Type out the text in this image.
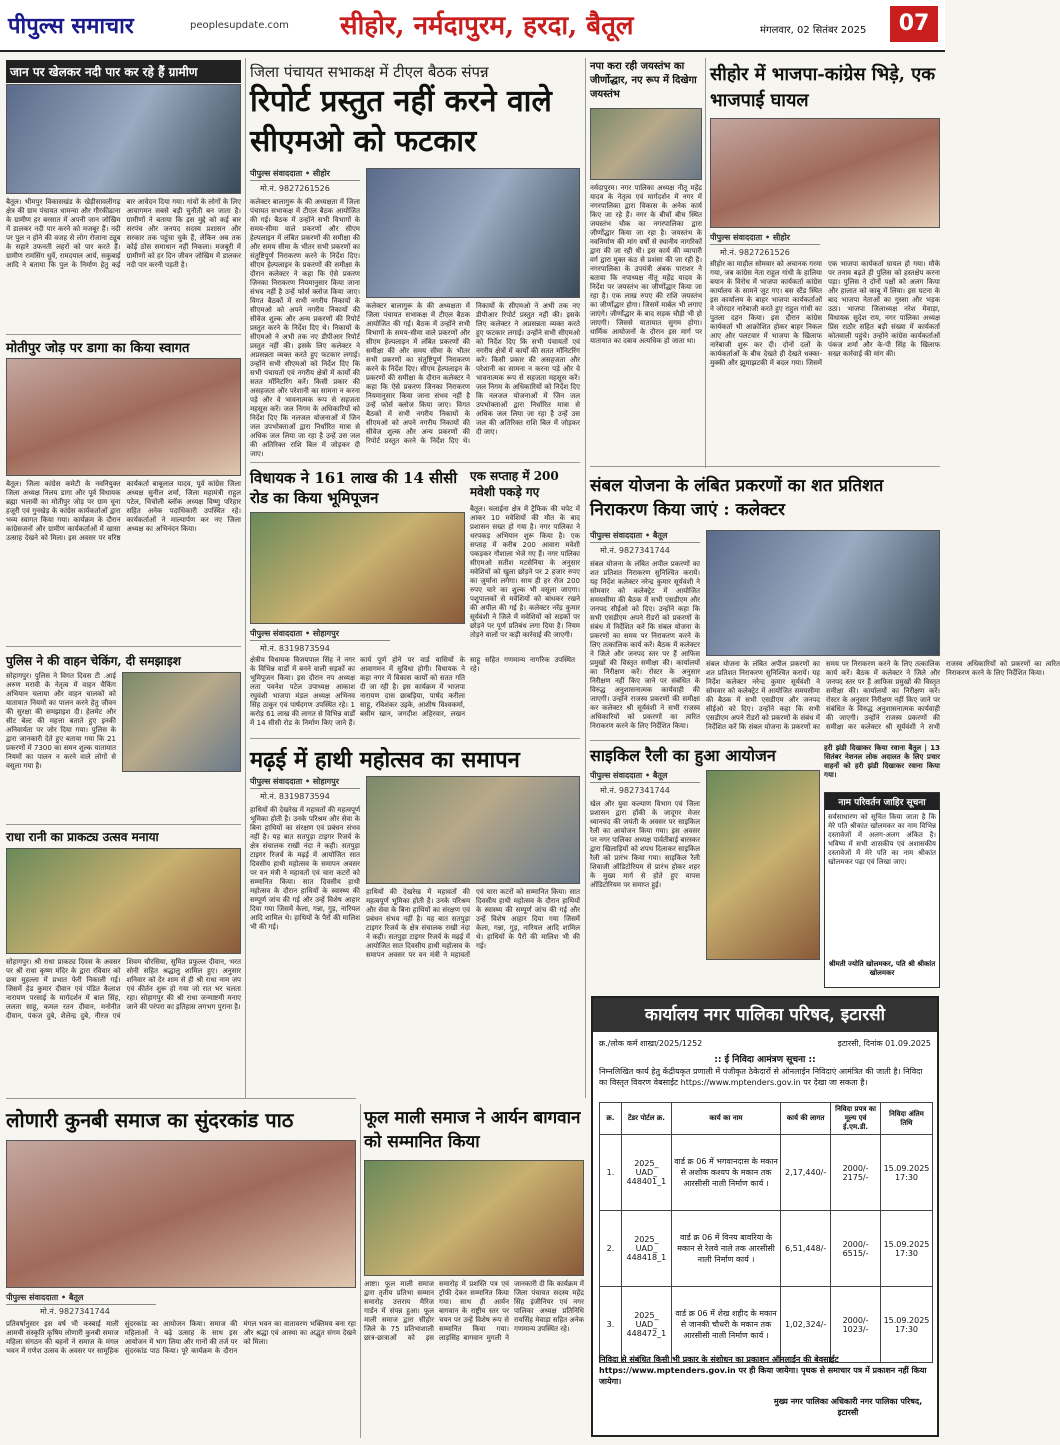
पीपुल्स समाचार	peoplesupdate.com सीहोर, नर्मदापुरम, हरदा, बैतूल	मंगलवार, 02 सितंबर 2025	07
जान पर खेलकर नदी पार कर रहे हैं ग्रामीण
बैतूल। भीमपुर विकासखंड के खेड़ीसावलीगढ़ क्षेत्र की ग्राम पंचायत धामन्या और गौरकीढाना के ग्रामीण हर बरसात में अपनी जान जोखिम में डालकर नदी पार करने को मजबूर हैं। नदी पर पुल न होने की वजह से लोग रोजाना ट्यूब के सहारे उफनती लहरों को पार करते हैं। ग्रामीण रामसिंग धुर्वे, रामदयाल आर्य, सकुबाई आदि ने बताया कि पुल के निर्माण हेतु कई बार आवेदन दिया गया। गांवों के लोगों के लिए आवागमन सबसे बड़ी चुनौती बन जाता है। ग्रामीणों ने बताया कि इस मुद्दे को कई बार सरपंच और जनपद सदस्य प्रशासन और सरकार तक पहुंचा चुके हैं, लेकिन अब तक कोई ठोस समाधान नहीं निकला। मजबूरी में ग्रामीणों को हर दिन जीवन जोखिम में डालकर नदी पार करनी पड़ती है।
मोतीपुर जोड़ पर डागा का किया स्वागत
बैतूल। जिला कांग्रेस कमेटी के नवनियुक्त जिला अध्यक्ष निलय डागा और पूर्व विधायक ब्रह्मा भलावी का मोतीपुर जोड़ पर ग्राम चूना हजूरी एवं गुनखेड़ के कांग्रेस कार्यकर्ताओं द्वारा भव्य स्वागत किया गया। कार्यक्रम के दौरान कांग्रेसजनों और ग्रामीण कार्यकर्ताओं में खासा उत्साह देखने को मिला। इस अवसर पर वरिष्ठ कार्यकर्ता बाबूलाल यादव, पूर्व कांग्रेस जिला अध्यक्ष सुनील शर्मा, जिला महामंत्री राहुल पटेल, चिचोली ब्लॉक अध्यक्ष विष्णु परिहार सहित अनेक पदाधिकारी उपस्थित रहे। कार्यकर्ताओं ने माल्यार्पण कर नए जिला अध्यक्ष का अभिनंदन किया।
पुलिस ने की वाहन चेकिंग, दी समझाइश
सोहागपुर। पुलिस ने विगत दिवस टी .आई अरुण मरावी के नेतृत्व में वाहन चैकिंग अभियान चलाया और वाहन चालकों को यातायात नियमों का पालन करने हेतु जीवन की सुरक्षा की समझाइश दी। हेलमेट और सीट बेल्ट की महत्ता बताते हुए इनकी अनिवार्यता पर जोर दिया गया। पुलिस के द्वारा जानकारी देते हुए बताया गया कि 21 प्रकरणों में 7300 का समन शुल्क यातायात नियमों का पालन न करने वाले लोगों से वसूला गया है।
राधा रानी का प्राकट्य उत्सव मनाया
सोहागपुर। श्री राधा प्राकट्य दिवस के अवसर पर श्री राधा कृष्ण मंदिर के द्वारा रविवार को छत्रा मुहल्ला में प्रभात फेरी निकाली गई। जिसमें हेड कुमार दीवान एवं पंडित कैलाश नारायण परसाई के मार्गदर्शन में बाल सिंह, ललता साहू, कमल रतन दीवान, मनोनीत दीवान, पंकज दुबे, शैलेन्द्र दुबे, नीरज एवं शिवम चौरसिया, सुमित प्रफुल्ल दीवान, भरत सोनी सहित श्रद्धालु शामिल हुए। अनुसार शनिवार को देर शाम से ही श्री राधा नाम जप एवं कीर्तन शुरू हो गया जो रात भर चलता रहा। सोहागपुर की श्री राधा जन्माष्टमी मनाए जाने की परंपरा का इतिहास लगभग पुराना है।
लोणारी कुनबी समाज का सुंदरकांड पाठ
पीपुल्स संवाददाता • बैतूल
मो.नं. 9827341744
प्रतिवर्षानुसार इस वर्ष भी कस्बाई माली आमची संस्कृति कृषिय लोणारी कुनबी समाज महिला संगठन की बहनों ने समाज के मंगल भवन में गणेश उत्सव के अवसर पर सामूहिक सुंदरकांड का आयोजन किया। समाज की महिलाओं ने बढ़े उत्साह के साथ इस आयोजन में भाग लिया और गानों की तर्ज पर सुंदरकांड पाठ किया। पूरे कार्यक्रम के दौरान मंगल भवन का वातावरण भक्तिमय बना रहा और श्रद्धा एवं आस्था का अद्भुत संगम देखने को मिला।
जिला पंचायत सभाकक्ष में टीएल बैठक संपन्न
रिपोर्ट प्रस्तुत नहीं करने वाले सीएमओ को फटकार
पीपुल्स संवाददाता • सीहोर
मो.नं. 9827261526
कलेक्टर बालागुरू के की अध्यक्षता में जिला पंचायत सभाकक्ष में टीएल बैठक आयोजित की गई। बैठक में उन्होंने सभी विभागों के समय-सीमा वाले प्रकरणों और सीएम हेल्पलाइन में लंबित प्रकरणों की समीक्षा की और समय सीमा के भीतर सभी प्रकरणों का संतुष्टिपूर्ण निराकरण करने के निर्देश दिए। सीएम हेल्पलाइन के प्रकरणों की समीक्षा के दौरान कलेक्टर ने कहा कि ऐसे प्रकरण जिनका निराकरण नियमानुसार किया जाना संभव नहीं है उन्हें फोर्स क्लोज किया जाए। विगत बैठकों में सभी नगरीय निकायों के सीएमओ को अपने नगरीय निकायों की सीवेज शुल्क और अन्य प्रकरणों की रिपोर्ट प्रस्तुत करने के निर्देश दिए थे। निकायों के सीएमओ ने अभी तक नए डीपीआर रिपोर्ट प्रस्तुत नहीं की। इसके लिए कलेक्टर ने अप्रसन्नता व्यक्त करते हुए फटकार लगाई। उन्होंने सभी सीएमओ को निर्देश दिए कि सभी पंचायतों एवं नगरीय क्षेत्रों में कार्यों की सतत मॉनिटरिंग करें। किसी प्रकार की असहजता और परेशानी का सामना न करना पड़े और वे भावनात्मक रूप से सहजता महसूस करें। जल निगम के अधिकारियों को निर्देश दिए कि नलजल योजनाओं में जिन जल उपभोक्ताओं द्वारा निर्धारित मात्रा से अधिक जल लिया जा रहा है उन्हें उस जल की अतिरिक्त राशि बिल में जोड़कर दी जाए।
कलेक्टर बालागुरू के की अध्यक्षता में जिला पंचायत सभाकक्ष में टीएल बैठक आयोजित की गई। बैठक में उन्होंने सभी विभागों के समय-सीमा वाले प्रकरणों और सीएम हेल्पलाइन में लंबित प्रकरणों की समीक्षा की और समय सीमा के भीतर सभी प्रकरणों का संतुष्टिपूर्ण निराकरण करने के निर्देश दिए। सीएम हेल्पलाइन के प्रकरणों की समीक्षा के दौरान कलेक्टर ने कहा कि ऐसे प्रकरण जिनका निराकरण नियमानुसार किया जाना संभव नहीं है उन्हें फोर्स क्लोज किया जाए। विगत बैठकों में सभी नगरीय निकायों के सीएमओ को अपने नगरीय निकायों की सीवेज शुल्क और अन्य प्रकरणों की रिपोर्ट प्रस्तुत करने के निर्देश दिए थे। निकायों के सीएमओ ने अभी तक नए डीपीआर रिपोर्ट प्रस्तुत नहीं की। इसके लिए कलेक्टर ने अप्रसन्नता व्यक्त करते हुए फटकार लगाई। उन्होंने सभी सीएमओ को निर्देश दिए कि सभी पंचायतों एवं नगरीय क्षेत्रों में कार्यों की सतत मॉनिटरिंग करें। किसी प्रकार की असहजता और परेशानी का सामना न करना पड़े और वे भावनात्मक रूप से सहजता महसूस करें। जल निगम के अधिकारियों को निर्देश दिए कि नलजल योजनाओं में जिन जल उपभोक्ताओं द्वारा निर्धारित मात्रा से अधिक जल लिया जा रहा है उन्हें उस जल की अतिरिक्त राशि बिल में जोड़कर दी जाए।
विधायक ने 161 लाख की 14 सीसी रोड का किया भूमिपूजन
पीपुल्स संवाददाता • सोहागपुर
मो.नं. 8319873594
क्षेत्रीय विधायक विजयपाल सिंह ने नगर के विभिन्न वार्डों में बनने वाली सड़कों का भूमिपूजन किया। इस दौरान नप अध्यक्ष लता पवनेश पटेल उपाध्यक्ष आकाश रघुवंशी भाजपा मंडल अध्यक्ष अभिनव सिंह ठाकुर एवं पार्षदगण उपस्थित रहे। 1 करोड़ 61 लाख की लागत से विभिन्न वार्डों में 14 सीसी रोड के निर्माण किए जाने हैं। कार्य पूर्ण होने पर वार्ड वासियों के आवागमन में सुविधा होगी। विधायक ने कहा नगर में विकास कार्यों को सतत गति दी जा रही है। इस कार्यक्रम में भाजपा नारायण दास छाबड़िया, पार्षद करीला साहू, रविशंकर उइके, आशीष विश्वकर्मा, बसीम खान, जगदीश अहिरवार, लखन साहू सहित गणमान्य नागरिक उपस्थित रहे।
एक सप्ताह में 200 मवेशी पकड़े गए
बैतूल। चलाईना क्षेत्र में ट्रैफिक की चपेट में आकर 10 मवेशियों की मौत के बाद प्रशासन सख्त हो गया है। नगर पालिका ने धरपकड़ अभियान शुरू किया है। एक सप्ताह में करीब 200 आवारा मवेशी पकड़कर गौशाला भेजे गए हैं। नगर पालिका सीएमओ सतीश मटसेनिया के अनुसार मवेशियों को खुला छोड़ने पर 2 हजार रुपए का जुर्माना लगेगा। साथ ही हर रोज 200 रुपए चारे का शुल्क भी वसूला जाएगा। पशुपालकों से मवेशियों को बांधकर रखने की अपील की गई है। कलेक्टर नरेंद्र कुमार सूर्यवंशी ने जिले में मवेशियों को सड़कों पर छोड़ने पर पूर्ण प्रतिबंध लगा दिया है। नियम तोड़ने वालों पर कड़ी कार्रवाई की जाएगी।
मढ़ई में हाथी महोत्सव का समापन
पीपुल्स संवाददाता • सोहागपुर
मो.नं. 8319873594
हाथियों की देखरेख में महावतों की महत्वपूर्ण भूमिका होती है। उनके परिश्रम और सेवा के बिना हाथियों का संरक्षण एवं प्रबंधन संभव नहीं है। यह बात सतपुड़ा टाइगर रिजर्व के क्षेत्र संचालक राखी नंदा ने कही। सतपुड़ा टाइगर रिजर्व के मढ़ई में आयोजित सात दिवसीय हाथी महोत्सव के समापन अवसर पर वन मंत्री ने महावतों एवं चारा कटरों को सम्मानित किया। सात दिवसीय हाथी महोत्सव के दौरान हाथियों के स्वास्थ्य की सम्पूर्ण जांच की गई और उन्हें विशेष आहार दिया गया जिसमें केला, गन्ना, गुड़, नारियल आदि शामिल थे। हाथियों के पैरों की मालिश भी की गई।
हाथियों की देखरेख में महावतों की महत्वपूर्ण भूमिका होती है। उनके परिश्रम और सेवा के बिना हाथियों का संरक्षण एवं प्रबंधन संभव नहीं है। यह बात सतपुड़ा टाइगर रिजर्व के क्षेत्र संचालक राखी नंदा ने कही। सतपुड़ा टाइगर रिजर्व के मढ़ई में आयोजित सात दिवसीय हाथी महोत्सव के समापन अवसर पर वन मंत्री ने महावतों एवं चारा कटरों को सम्मानित किया। सात दिवसीय हाथी महोत्सव के दौरान हाथियों के स्वास्थ्य की सम्पूर्ण जांच की गई और उन्हें विशेष आहार दिया गया जिसमें केला, गन्ना, गुड़, नारियल आदि शामिल थे। हाथियों के पैरों की मालिश भी की गई।
फूल माली समाज ने आर्यन बागवान को सम्मानित किया
आष्टा। फूल माली समाज द्वारा तृतीय प्रतिभा सम्मान समारोह उत्तराय मैरिज गार्डन में संपन्न हुआ। फूल माली समाज द्वारा सीहोर जिले के 75 प्रतिभाशाली छात्र-छात्राओं को इस समारोह में प्रशस्ति पत्र एवं ट्रॉफी देकर सम्मानित किया गया। साथ ही आर्यन बागवान के राष्ट्रीय स्तर पर चयन पर उन्हें विशेष रूप से सम्मानित किया गया। लाड़सिंह बागवान मुगली ने जानकारी दी कि कार्यक्रम में जिला पंचायत सदस्य महेंद्र सिंह इंजीनियर एवं नगर पालिका अध्यक्ष प्रतिनिधि रायसिंह मेवाड़ा सहित अनेक गणमान्य उपस्थित रहे।
नपा करा रही जयस्तंभ का जीर्णोद्धार, नए रूप में दिखेगा जयस्तंभ
नर्मदापुरम। नगर पालिका अध्यक्ष नीतू महेंद्र यादव के नेतृत्व एवं मार्गदर्शन में नगर में नगरपालिका द्वारा विकास के अनेक कार्य किए जा रहे हैं। नगर के बीचों बीच स्थित जयस्तंभ चौक का नगरपालिका द्वारा जीर्णोद्धार किया जा रहा है। जयस्तंभ के नवनिर्माण की मांग वर्षों से स्थानीय नागरिकों द्वारा की जा रही थी। इस कार्य की व्यापारी वर्ग द्वारा मुक्त कंठ से प्रशंसा की जा रही है। नगरपालिका के उपयंत्री अंबक पाराशर ने बताया कि नपाध्यक्ष नीतू महेंद्र यादव के निर्देश पर जयस्तंभ का जीर्णोद्धार किया जा रहा है। एक लाख रुपए की राशि जयस्तंभ का जीर्णोद्धार होगा। जिसमें मार्बल भी लगाए जाएंगे। जीर्णोद्धार के बाद सड़क चौड़ी भी हो जाएगी। जिससे यातायात सुगम होगा। धार्मिक आयोजनों के दौरान इस मार्ग पर यातायात का दबाव अत्यधिक हो जाता था।
सीहोर में भाजपा-कांग्रेस भिड़े, एक भाजपाई घायल
पीपुल्स संवाददाता • सीहोर
मो.नं. 9827261526
सीहोर का माहौल सोमवार को अचानक गरमा गया, जब कांग्रेस नेता राहुल गांधी के हालिया बयान के विरोध में भाजपा कार्यकर्ता कांग्रेस कार्यालय के सामने जुट गए। बस स्टैंड स्थित इस कार्यालय के बाहर भाजपा कार्यकर्ताओं ने जोरदार नारेबाजी करते हुए राहुल गांधी का पुतला दहन किया। इस दौरान कांग्रेस कार्यकर्ता भी आक्रोशित होकर बाहर निकल आए और पलटवार में भाजपा के खिलाफ नारेबाजी शुरू कर दी। दोनों दलों के कार्यकर्ताओं के बीच देखते ही देखते धक्का-मुक्की और झूमाझटकी में बदल गया। जिसमें एक भाजपा कार्यकर्ता घायल हो गया। मौके पर तनाव बढ़ते ही पुलिस को हस्तक्षेप करना पड़ा। पुलिस ने दोनों पक्षों को अलग किया और हालात को काबू में लिया। इस घटना के बाद भाजपा नेताओं का गुस्सा और भड़क उठा। भाजपा जिलाध्यक्ष नरेश मेवाड़ा, विधायक सुदेश राय, नगर पालिका अध्यक्ष प्रिंस राठौर सहित बड़ी संख्या में कार्यकर्ता कोतवाली पहुंचे। उन्होंने कांग्रेस कार्यकर्ताओं पंकज शर्मा और के-पी सिंह के खिलाफ सख्त कार्रवाई की मांग की।
संबल योजना के लंबित प्रकरणों का शत प्रतिशत निराकरण किया जाएं : कलेक्टर
पीपुल्स संवाददाता • बैतूल
मो.नं. 9827341744
संबल योजना के लंबित अपील प्रकरणों का शत प्रतिशत निराकरण सुनिश्चित करायें। यह निर्देश कलेक्टर नरेन्द्र कुमार सूर्यवंशी ने सोमवार को कलेक्ट्रेट में आयोजित समयसीमा की बैठक में सभी एसडीएम और जनपद सीईओ को दिए। उन्होंने कहा कि सभी एसडीएम अपने रीडरों को प्रकरणों के संबंध में निर्देशित करें कि संबल योजना के प्रकरणों का समय पर निराकरण करने के लिए तत्कालिक कार्य करें। बैठक में कलेक्टर ने जिले और जनपद स्तर पर हैं आफिस प्रमुखों की विस्तृत समीक्षा की। कार्यालयों का निरीक्षण करें। रोस्टर के अनुसार निरीक्षण नहीं किए जाने पर संबंधित के विरुद्ध अनुशासनात्मक कार्यवाही की जाएगी। उन्होंने राजस्व प्रकरणों की समीक्षा कर कलेक्टर श्री सूर्यवंशी ने सभी राजस्व अधिकारियों को प्रकरणों का त्वरित निराकरण करने के लिए निर्देशित किया।
संबल योजना के लंबित अपील प्रकरणों का शत प्रतिशत निराकरण सुनिश्चित करायें। यह निर्देश कलेक्टर नरेन्द्र कुमार सूर्यवंशी ने सोमवार को कलेक्ट्रेट में आयोजित समयसीमा की बैठक में सभी एसडीएम और जनपद सीईओ को दिए। उन्होंने कहा कि सभी एसडीएम अपने रीडरों को प्रकरणों के संबंध में निर्देशित करें कि संबल योजना के प्रकरणों का समय पर निराकरण करने के लिए तत्कालिक कार्य करें। बैठक में कलेक्टर ने जिले और जनपद स्तर पर हैं आफिस प्रमुखों की विस्तृत समीक्षा की। कार्यालयों का निरीक्षण करें। रोस्टर के अनुसार निरीक्षण नहीं किए जाने पर संबंधित के विरुद्ध अनुशासनात्मक कार्यवाही की जाएगी। उन्होंने राजस्व प्रकरणों की समीक्षा कर कलेक्टर श्री सूर्यवंशी ने सभी राजस्व अधिकारियों को प्रकरणों का त्वरित निराकरण करने के लिए निर्देशित किया।
साइकिल रैली का हुआ आयोजन
पीपुल्स संवाददाता • बैतूल
मो.नं. 9827341744
खेल और युवा कल्याण विभाग एवं जिला प्रशासन द्वारा हॉकी के जादूगर मेजर ध्यानचंद की जयंती के अवसर पर साइकिल रैली का आयोजन किया गया। इस अवसर पर नगर पालिका अध्यक्ष पार्वतीबाई बारस्कर द्वारा खिलाड़ियों को शपथ दिलाकर साइकिल रैली को प्रारंभ किया गया। साइकिल रैली शिवाजी ऑडिटोरियम से प्रारंभ होकर शहर के मुख्य मार्ग से होते हुए वापस ऑडिटोरियम पर समाप्त हुई।
हरी झंडी दिखाकर किया रवाना बैतूल | 13 सितंबर नेशनल लोक अदालत के लिए प्रचार वाहनों को हरी झंडी दिखाकर रवाना किया गया।
नाम परिवर्तन जाहिर सूचना
सर्वसाधारण को सूचित किया जाता है कि मेरे पति श्रीकांत खोलमकर का नाम विभिन्न दस्तावेजों में अलग-अलग अंकित है। भविष्य में सभी शासकीय एवं अशासकीय दस्तावेजों में मेरे पति का नाम श्रीकांत खोलमकर पढ़ा एवं लिखा जाए।
श्रीमती ज्योति खोलमकर, पति श्री श्रीकांत खोलमकर
कार्यालय नगर पालिका परिषद, इटारसी
क्र./लोक कर्म शाखा/2025/1252	इटारसी, दिनांक 01.09.2025
:: ई निविदा आमंत्रण सूचना ::
निम्नलिखित कार्य हेतु केंद्रीयकृत प्रणाली में पंजीकृत ठेकेदारों से ऑनलाईन निविदाएं आमंत्रित की जाती है। निविदा का विस्तृत विवरण वेबसाईट https://www.mptenders.gov.in पर देखा जा सकता है।
क्र.	टेंडर पोर्टल क्र.	कार्य का नाम	कार्य की लागत	निविदा प्रपत्र का मूल्य एवं ई.एम.डी.	निविदा अंतिम तिथि
1.	2025_ UAD_ 448401_1	वार्ड क्र 06 में भगवानदास के मकान से अशोक कश्यप के मकान तक आरसीसी नाली निर्माण कार्य ।	2,17,440/-	2000/- 2175/-	15.09.2025 17:30
2.	2025_ UAD_ 448418_1	वार्ड क्र 06 में विनय बावरिया के मकान से रेलवे नाले तक आरसीसी नाली निर्माण कार्य ।	6,51,448/-	2000/- 6515/-	15.09.2025 17:30
3.	2025_ UAD_ 448472_1	वार्ड क्र 06 में शेख शहीद के मकान से जानकी चौधरी के मकान तक आरसीसी नाली निर्माण कार्य ।	1,02,324/-	2000/- 1023/-	15.09.2025 17:30
निविदा से संबंधित किसी भी प्रकार के संशोधन का प्रकाशन ऑनलाईन की बेवसाईट https://www.mptenders.gov.in पर ही किया जायेगा। पृथक से समाचार पत्र में प्रकाशन नहीं किया जायेगा।
मुख्य नगर पालिका अधिकारी नगर पालिका परिषद, इटारसी
